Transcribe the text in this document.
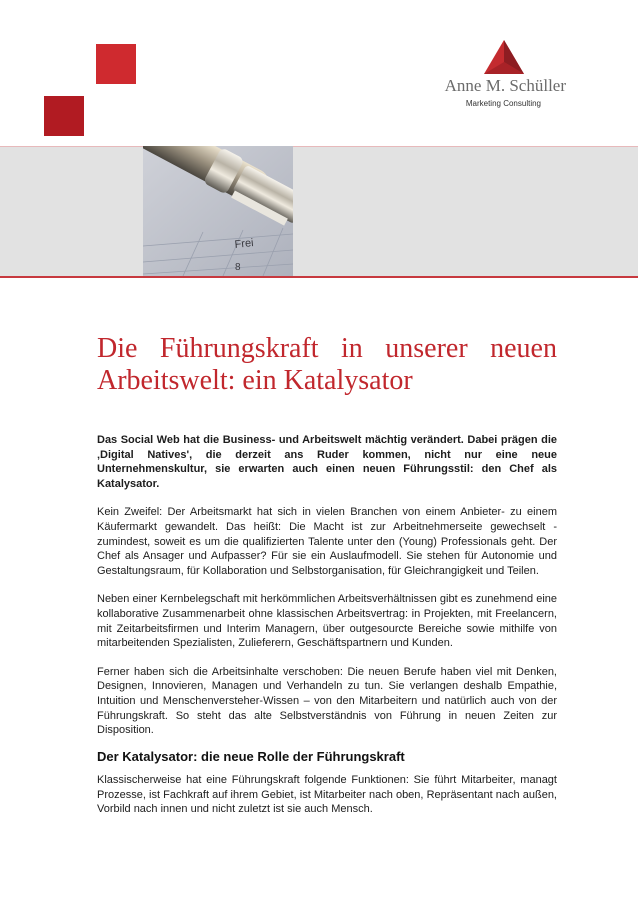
Anne M. Schüller
Marketing Consulting
Frei
8
Die Führungskraft in unserer neuen Arbeitswelt: ein Katalysator

Das Social Web hat die Business- und Arbeitswelt mächtig verändert. Dabei prägen die ‚Digital Natives', die derzeit ans Ruder kommen, nicht nur eine neue Unternehmenskultur, sie erwarten auch einen neuen Führungsstil: den Chef als Katalysator.

Kein Zweifel: Der Arbeitsmarkt hat sich in vielen Branchen von einem Anbieter- zu einem Käufermarkt gewandelt. Das heißt: Die Macht ist zur Arbeitnehmerseite gewechselt - zumindest, soweit es um die qualifizierten Talente unter den (Young) Professionals geht. Der Chef als Ansager und Aufpasser? Für sie ein Auslaufmodell. Sie stehen für Autonomie und Gestaltungsraum, für Kollaboration und Selbstorganisation, für Gleichrangigkeit und Teilen.

Neben einer Kernbelegschaft mit herkömmlichen Arbeitsverhältnissen gibt es zunehmend eine kollaborative Zusammenarbeit ohne klassischen Arbeitsvertrag: in Projekten, mit Freelancern, mit Zeitarbeitsfirmen und Interim Managern, über outgesourcte Bereiche sowie mithilfe von mitarbeitenden Spezialisten, Zulieferern, Geschäftspartnern und Kunden.

Ferner haben sich die Arbeitsinhalte verschoben: Die neuen Berufe haben viel mit Denken, Designen, Innovieren, Managen und Verhandeln zu tun. Sie verlangen deshalb Empathie, Intuition und Menschenversteher-Wissen – von den Mitarbeitern und natürlich auch von der Führungskraft. So steht das alte Selbstverständnis von Führung in neuen Zeiten zur Disposition.

Der Katalysator: die neue Rolle der Führungskraft

Klassischerweise hat eine Führungskraft folgende Funktionen: Sie führt Mitarbeiter, managt Prozesse, ist Fachkraft auf ihrem Gebiet, ist Mitarbeiter nach oben, Repräsentant nach außen, Vorbild nach innen und nicht zuletzt ist sie auch Mensch.
